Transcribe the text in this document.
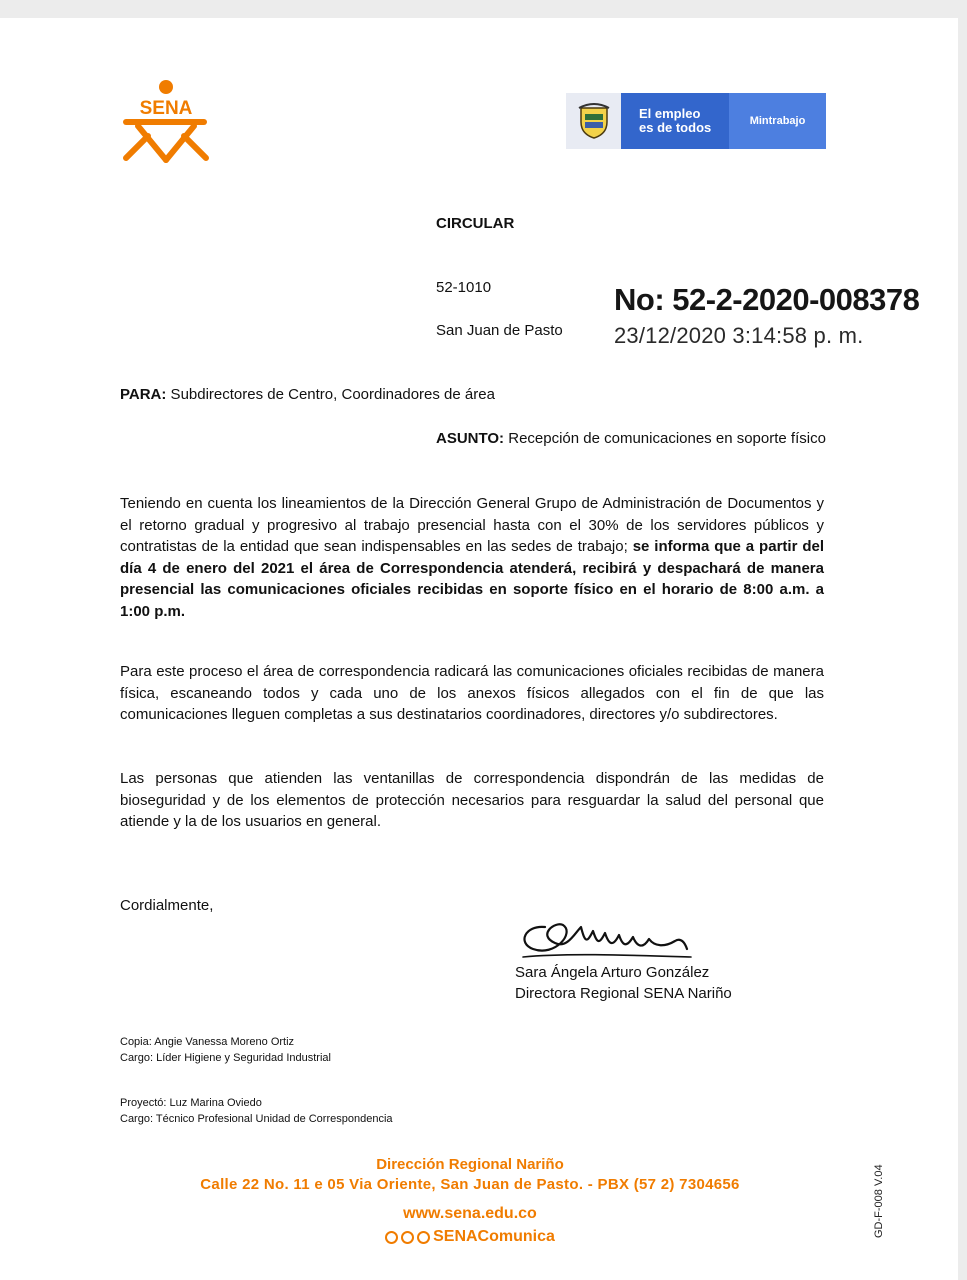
SENA	El empleo
es de todos	Mintrabajo
CIRCULAR
52-1010
San Juan de Pasto
No: 52-2-2020-008378
23/12/2020 3:14:58 p. m.
PARA: Subdirectores de Centro, Coordinadores de área
ASUNTO: Recepción de comunicaciones en soporte físico
Teniendo en cuenta los lineamientos de la Dirección General Grupo de Administración de Documentos y el retorno gradual y progresivo al trabajo presencial hasta con el 30% de los servidores públicos y contratistas de la entidad que sean indispensables en las sedes de trabajo; se informa que a partir del día 4 de enero del 2021 el área de Correspondencia atenderá, recibirá y despachará de manera presencial las comunicaciones oficiales recibidas en soporte físico en el horario de 8:00 a.m. a 1:00 p.m.
Para este proceso el área de correspondencia radicará las comunicaciones oficiales recibidas de manera física, escaneando todos y cada uno de los anexos físicos allegados con el fin de que las comunicaciones lleguen completas a sus destinatarios coordinadores, directores y/o subdirectores.
Las personas que atienden las ventanillas de correspondencia dispondrán de las medidas de bioseguridad y de los elementos de protección necesarios para resguardar la salud del personal que atiende y la de los usuarios en general.
Cordialmente,
Sara Ángela Arturo González
Directora Regional SENA Nariño
Copia: Angie Vanessa Moreno Ortiz
Cargo: Líder Higiene y Seguridad Industrial
Proyectó: Luz Marina Oviedo
Cargo: Técnico Profesional Unidad de Correspondencia
Dirección Regional Nariño
Calle 22 No. 11 e 05 Via Oriente, San Juan de Pasto. - PBX (57 2) 7304656
www.sena.edu.co
SENAComunica	GD-F-008 V.04
